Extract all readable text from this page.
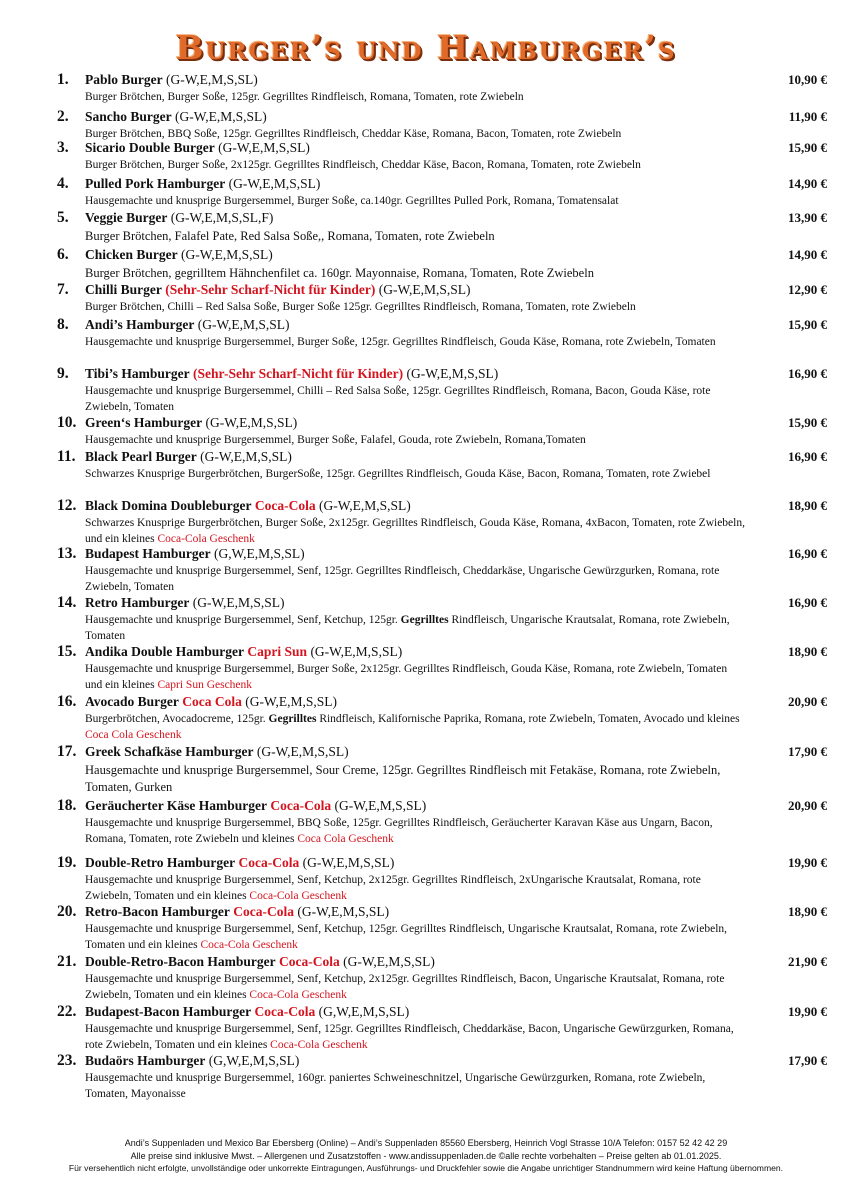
Burger’s und Hamburger’s
1. Pablo Burger (G-W,E,M,S,SL)	10,90 €
Burger Brötchen, Burger Soße, 125gr. Gegrilltes Rindfleisch, Romana, Tomaten, rote Zwiebeln
2. Sancho Burger (G-W,E,M,S,SL)	11,90 €
Burger Brötchen, BBQ Soße, 125gr. Gegrilltes Rindfleisch, Cheddar Käse, Romana, Bacon, Tomaten, rote Zwiebeln
3. Sicario Double Burger (G-W,E,M,S,SL)	15,90 €
Burger Brötchen, Burger Soße, 2x125gr. Gegrilltes Rindfleisch, Cheddar Käse, Bacon, Romana, Tomaten, rote Zwiebeln
4. Pulled Pork Hamburger (G-W,E,M,S,SL)	14,90 €
Hausgemachte und knusprige Burgersemmel, Burger Soße, ca.140gr. Gegrilltes Pulled Pork, Romana, Tomatensalat
5. Veggie Burger (G-W,E,M,S,SL,F)	13,90 €
Burger Brötchen, Falafel Pate, Red Salsa Soße,, Romana, Tomaten, rote Zwiebeln
6. Chicken Burger (G-W,E,M,S,SL)	14,90 €
Burger Brötchen, gegrilltem Hähnchenfilet ca. 160gr. Mayonnaise, Romana, Tomaten, Rote Zwiebeln
7. Chilli Burger (Sehr-Sehr Scharf-Nicht für Kinder) (G-W,E,M,S,SL)	12,90 €
Burger Brötchen, Chilli – Red Salsa Soße, Burger Soße 125gr. Gegrilltes Rindfleisch, Romana, Tomaten, rote Zwiebeln
8. Andi’s Hamburger (G-W,E,M,S,SL)	15,90 €
Hausgemachte und knusprige Burgersemmel, Burger Soße, 125gr. Gegrilltes Rindfleisch, Gouda Käse, Romana, rote Zwiebeln, Tomaten
9. Tibi’s Hamburger (Sehr-Sehr Scharf-Nicht für Kinder) (G-W,E,M,S,SL)	16,90 €
Hausgemachte und knusprige Burgersemmel, Chilli – Red Salsa Soße, 125gr. Gegrilltes Rindfleisch, Romana, Bacon, Gouda Käse, rote Zwiebeln, Tomaten
10. Green‘s Hamburger (G-W,E,M,S,SL)	15,90 €
Hausgemachte und knusprige Burgersemmel, Burger Soße, Falafel, Gouda, rote Zwiebeln, Romana,Tomaten
11. Black Pearl Burger (G-W,E,M,S,SL)	16,90 €
Schwarzes Knusprige Burgerbrötchen, BurgerSoße, 125gr. Gegrilltes Rindfleisch, Gouda Käse, Bacon, Romana, Tomaten, rote Zwiebel
12. Black Domina Doubleburger Coca-Cola (G-W,E,M,S,SL)	18,90 €
Schwarzes Knusprige Burgerbrötchen, Burger Soße, 2x125gr. Gegrilltes Rindfleisch, Gouda Käse, Romana, 4xBacon, Tomaten, rote Zwiebeln, und ein kleines Coca-Cola Geschenk
13. Budapest Hamburger (G,W,E,M,S,SL)	16,90 €
Hausgemachte und knusprige Burgersemmel, Senf, 125gr. Gegrilltes Rindfleisch, Cheddarkäse, Ungarische Gewürzgurken, Romana, rote Zwiebeln, Tomaten
14. Retro Hamburger (G-W,E,M,S,SL)	16,90 €
Hausgemachte und knusprige Burgersemmel, Senf, Ketchup, 125gr. Gegrilltes Rindfleisch, Ungarische Krautsalat, Romana, rote Zwiebeln, Tomaten
15. Andika Double Hamburger Capri Sun (G-W,E,M,S,SL)	18,90 €
Hausgemachte und knusprige Burgersemmel, Burger Soße, 2x125gr. Gegrilltes Rindfleisch, Gouda Käse, Romana, rote Zwiebeln, Tomaten und ein kleines Capri Sun Geschenk
16. Avocado Burger Coca Cola (G-W,E,M,S,SL)	20,90 €
Burgerbrötchen, Avocadocreme, 125gr. Gegrilltes Rindfleisch, Kalifornische Paprika, Romana, rote Zwiebeln, Tomaten, Avocado und kleines Coca Cola Geschenk
17. Greek Schafkäse Hamburger (G-W,E,M,S,SL)	17,90 €
Hausgemachte und knusprige Burgersemmel, Sour Creme, 125gr. Gegrilltes Rindfleisch mit Fetakäse, Romana, rote Zwiebeln, Tomaten, Gurken
18. Geräucherter Käse Hamburger Coca-Cola (G-W,E,M,S,SL)	20,90 €
Hausgemachte und knusprige Burgersemmel, BBQ Soße, 125gr. Gegrilltes Rindfleisch, Geräucherter Karavan Käse aus Ungarn, Bacon, Romana, Tomaten, rote Zwiebeln und kleines Coca Cola Geschenk
19. Double-Retro Hamburger Coca-Cola (G-W,E,M,S,SL)	19,90 €
Hausgemachte und knusprige Burgersemmel, Senf, Ketchup, 2x125gr. Gegrilltes Rindfleisch, 2xUngarische Krautsalat, Romana, rote Zwiebeln, Tomaten und ein kleines Coca-Cola Geschenk
20. Retro-Bacon Hamburger Coca-Cola (G-W,E,M,S,SL)	18,90 €
Hausgemachte und knusprige Burgersemmel, Senf, Ketchup, 125gr. Gegrilltes Rindfleisch, Ungarische Krautsalat, Romana, rote Zwiebeln, Tomaten und ein kleines Coca-Cola Geschenk
21. Double-Retro-Bacon Hamburger Coca-Cola (G-W,E,M,S,SL)	21,90 €
Hausgemachte und knusprige Burgersemmel, Senf, Ketchup, 2x125gr. Gegrilltes Rindfleisch, Bacon, Ungarische Krautsalat, Romana, rote Zwiebeln, Tomaten und ein kleines Coca-Cola Geschenk
22. Budapest-Bacon Hamburger Coca-Cola (G,W,E,M,S,SL)	19,90 €
Hausgemachte und knusprige Burgersemmel, Senf, 125gr. Gegrilltes Rindfleisch, Cheddarkäse, Bacon, Ungarische Gewürzgurken, Romana, rote Zwiebeln, Tomaten und ein kleines Coca-Cola Geschenk
23. Budaörs Hamburger (G,W,E,M,S,SL)	17,90 €
Hausgemachte und knusprige Burgersemmel, 160gr. paniertes Schweineschnitzel, Ungarische Gewürzgurken, Romana, rote Zwiebeln, Tomaten, Mayonaisse
Andi’s Suppenladen und Mexico Bar Ebersberg (Online) – Andi’s Suppenladen 85560 Ebersberg, Heinrich Vogl Strasse 10/A Telefon: 0157 52 42 42 29
Alle preise sind inklusive Mwst. – Allergenen und Zusatzstoffen - www.andissuppenladen.de ©alle rechte vorbehalten – Preise gelten ab 01.01.2025.
Für versehentlich nicht erfolgte, unvollständige oder unkorrekte Eintragungen, Ausführungs- und Druckfehler sowie die Angabe unrichtiger Standnummern wird keine Haftung übernommen.
